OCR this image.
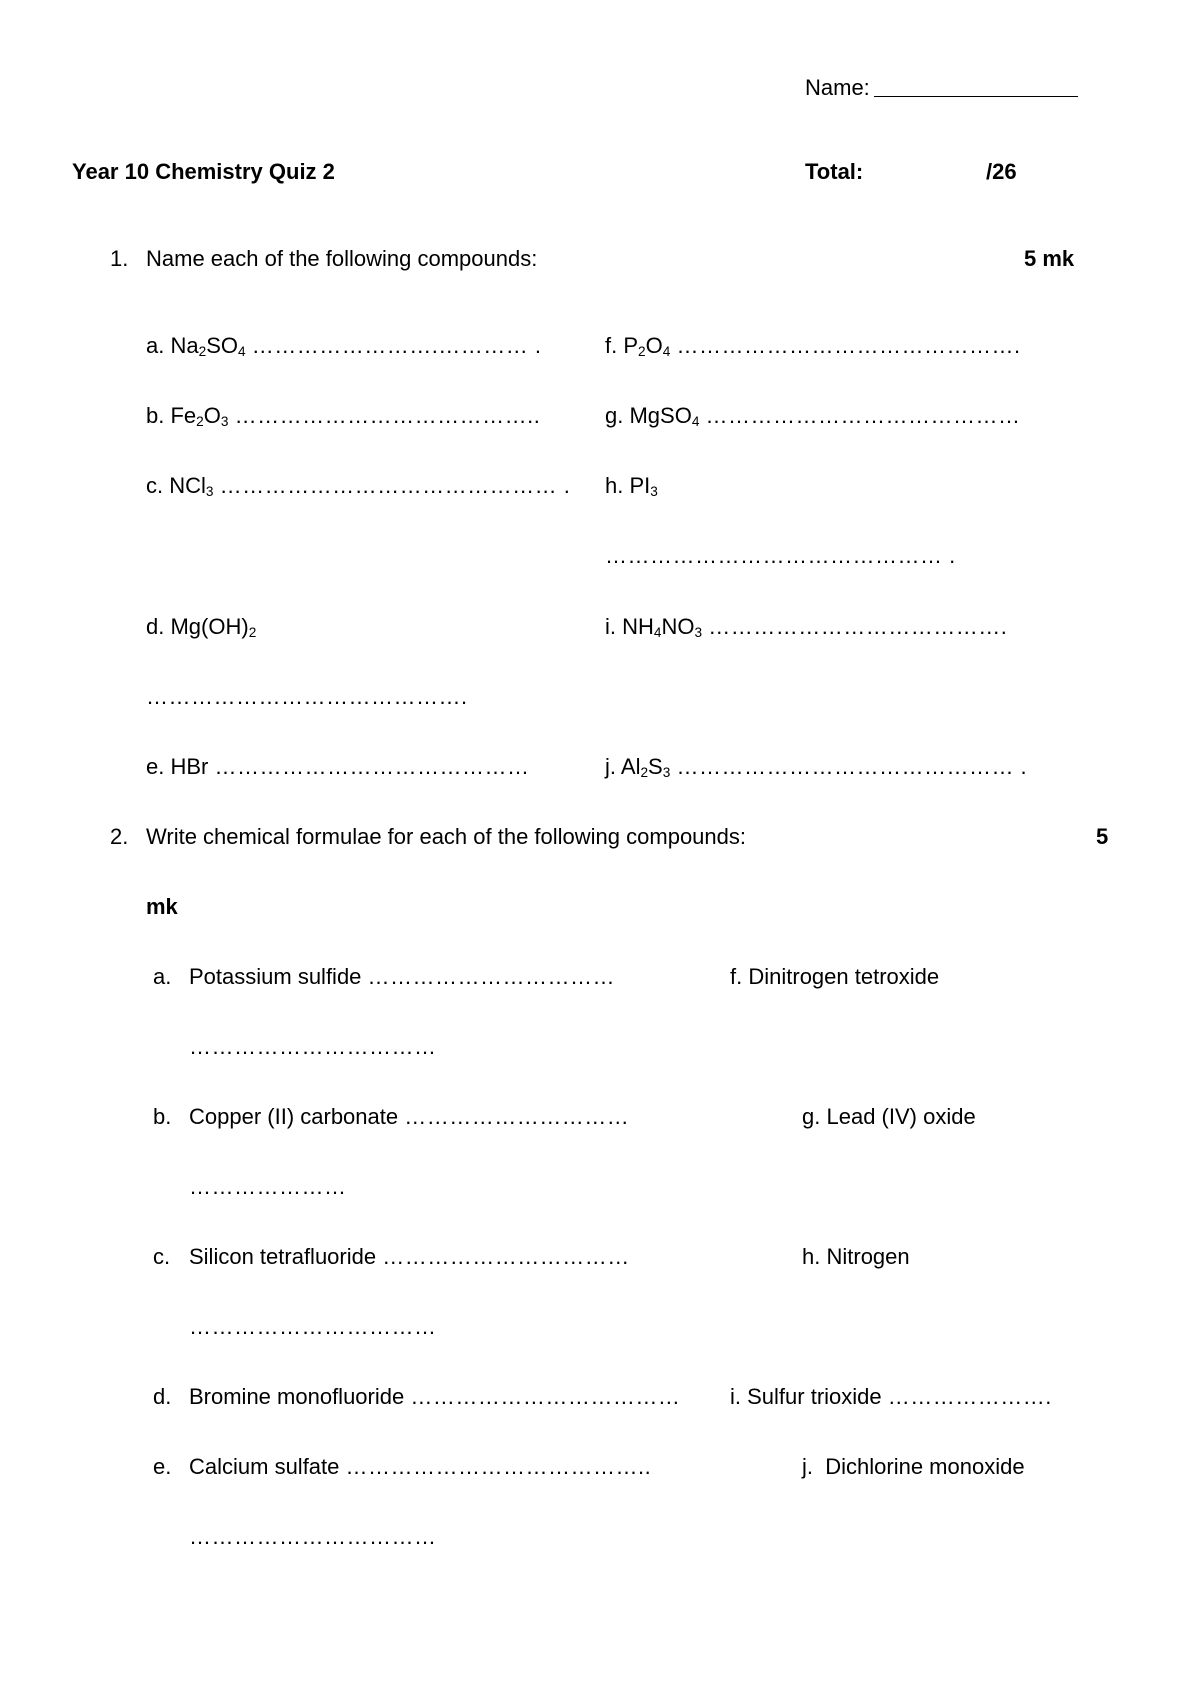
Name:
Year 10 Chemistry Quiz 2	Total:	/26
1. Name each of the following compounds:	5 mk
a. $Na_2SO_4$ …………………….………… .
b. $Fe_2O_3$ …………………………………..
c. NCl$_3$ ……………………………………… .
d. $Mg(OH)_2$
…………………………………….
e. HBr ……………………………………
f. $P_2O_4$ ……………………………………….
g. MgSO$_4$ ……………………………………
h. $PI_3$
……………………………………… .
i. $NH_4NO_3$ ………………………………….
j. $Al_2S_3$ ……………………………………… .
2. Write chemical formulae for each of the following compounds:	5
mk
a. Potassium sulfide ……………………………
……………………………
b. Copper (II) carbonate …………………………
…………………
c. Silicon tetrafluoride ……………………………
……………………………
d. Bromine monofluoride ………………………………
e. Calcium sulfate …………………………………..
……………………………
f. Dinitrogen tetroxide
g. Lead (IV) oxide
h. Nitrogen
i. Sulfur trioxide ………………….
j. Dichlorine monoxide
